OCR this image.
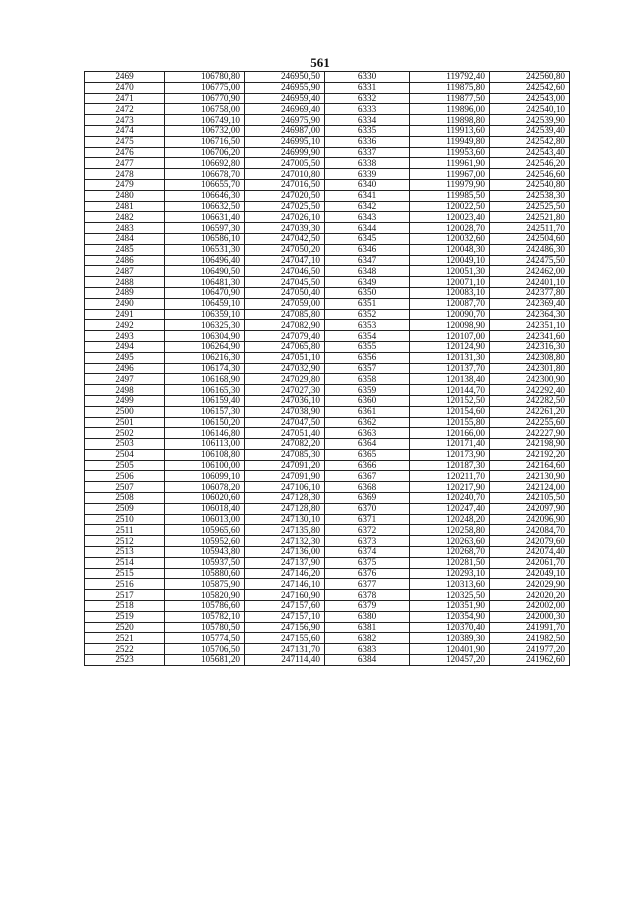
561
2469	106780,80	246950,50	6330	119792,40	242560,80
2470	106775,00	246955,90	6331	119875,80	242542,60
2471	106770,90	246959,40	6332	119877,50	242543,00
2472	106758,00	246969,40	6333	119896,00	242540,10
2473	106749,10	246975,90	6334	119898,80	242539,90
2474	106732,00	246987,00	6335	119913,60	242539,40
2475	106716,50	246995,10	6336	119949,80	242542,80
2476	106706,20	246999,90	6337	119953,60	242543,40
2477	106692,80	247005,50	6338	119961,90	242546,20
2478	106678,70	247010,80	6339	119967,00	242546,60
2479	106655,70	247016,50	6340	119979,90	242540,80
2480	106646,30	247020,50	6341	119985,50	242538,30
2481	106632,50	247025,50	6342	120022,50	242525,50
2482	106631,40	247026,10	6343	120023,40	242521,80
2483	106597,30	247039,30	6344	120028,70	242511,70
2484	106586,10	247042,50	6345	120032,60	242504,60
2485	106531,30	247050,20	6346	120048,30	242486,30
2486	106496,40	247047,10	6347	120049,10	242475,50
2487	106490,50	247046,50	6348	120051,30	242462,00
2488	106481,30	247045,50	6349	120071,10	242401,10
2489	106470,90	247050,40	6350	120083,10	242377,80
2490	106459,10	247059,00	6351	120087,70	242369,40
2491	106359,10	247085,80	6352	120090,70	242364,30
2492	106325,30	247082,90	6353	120098,90	242351,10
2493	106304,90	247079,40	6354	120107,00	242341,60
2494	106264,90	247065,80	6355	120124,90	242316,30
2495	106216,30	247051,10	6356	120131,30	242308,80
2496	106174,30	247032,90	6357	120137,70	242301,80
2497	106168,90	247029,80	6358	120138,40	242300,90
2498	106165,30	247027,30	6359	120144,70	242292,40
2499	106159,40	247036,10	6360	120152,50	242282,50
2500	106157,30	247038,90	6361	120154,60	242261,20
2501	106150,20	247047,50	6362	120155,80	242255,60
2502	106146,80	247051,40	6363	120166,00	242227,90
2503	106113,00	247082,20	6364	120171,40	242198,90
2504	106108,80	247085,30	6365	120173,90	242192,20
2505	106100,00	247091,20	6366	120187,30	242164,60
2506	106099,10	247091,90	6367	120211,70	242130,90
2507	106078,20	247106,10	6368	120217,90	242124,00
2508	106020,60	247128,30	6369	120240,70	242105,50
2509	106018,40	247128,80	6370	120247,40	242097,90
2510	106013,00	247130,10	6371	120248,20	242096,90
2511	105965,60	247135,80	6372	120258,80	242084,70
2512	105952,60	247132,30	6373	120263,60	242079,60
2513	105943,80	247136,00	6374	120268,70	242074,40
2514	105937,50	247137,90	6375	120281,50	242061,70
2515	105880,60	247146,20	6376	120293,10	242049,10
2516	105875,90	247146,10	6377	120313,60	242029,90
2517	105820,90	247160,90	6378	120325,50	242020,20
2518	105786,60	247157,60	6379	120351,90	242002,00
2519	105782,10	247157,10	6380	120354,90	242000,30
2520	105780,50	247156,90	6381	120370,40	241991,70
2521	105774,50	247155,60	6382	120389,30	241982,50
2522	105706,50	247131,70	6383	120401,90	241977,20
2523	105681,20	247114,40	6384	120457,20	241962,60
